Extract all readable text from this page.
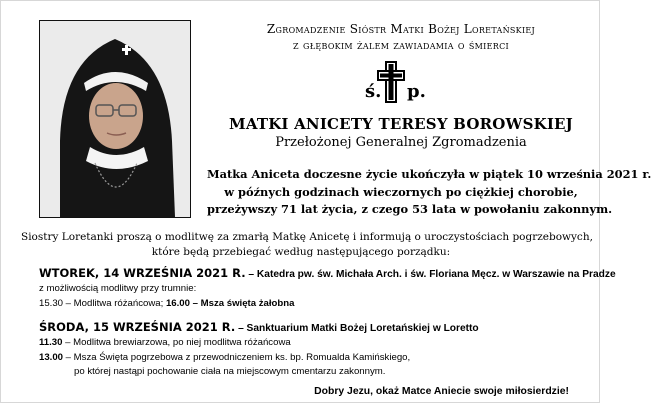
Zgromadzenie Sióstr Matki Bożej Loretańskiej
z głębokim żalem zawiadamia o śmierci
ś. p.
MATKI ANICETY TERESY BOROWSKIEJ
Przełożonej Generalnej Zgromadzenia
Matka Aniceta doczesne życie ukończyła w piątek 10 września 2021 r.
w późnych godzinach wieczornych po ciężkiej chorobie,
przeżywszy 71 lat życia, z czego 53 lata w powołaniu zakonnym.
Siostry Loretanki proszą o modlitwę za zmarłą Matkę Anicetę i informują o uroczystościach pogrzebowych,
które będą przebiegać według następującego porządku:
WTOREK, 14 WRZEŚNIA 2021 R. – Katedra pw. św. Michała Arch. i św. Floriana Męcz. w Warszawie na Pradze
z możliwością modlitwy przy trumnie:
15.30 – Modlitwa różańcowa; 16.00 – Msza święta żałobna
ŚRODA, 15 WRZEŚNIA 2021 R. – Sanktuarium Matki Bożej Loretańskiej w Loretto
11.30 – Modlitwa brewiarzowa, po niej modlitwa różańcowa
13.00 – Msza Święta pogrzebowa z przewodniczeniem ks. bp. Romualda Kamińskiego,
po której nastąpi pochowanie ciała na miejscowym cmentarzu zakonnym.
Dobry Jezu, okaż Matce Aniecie swoje miłosierdzie!
